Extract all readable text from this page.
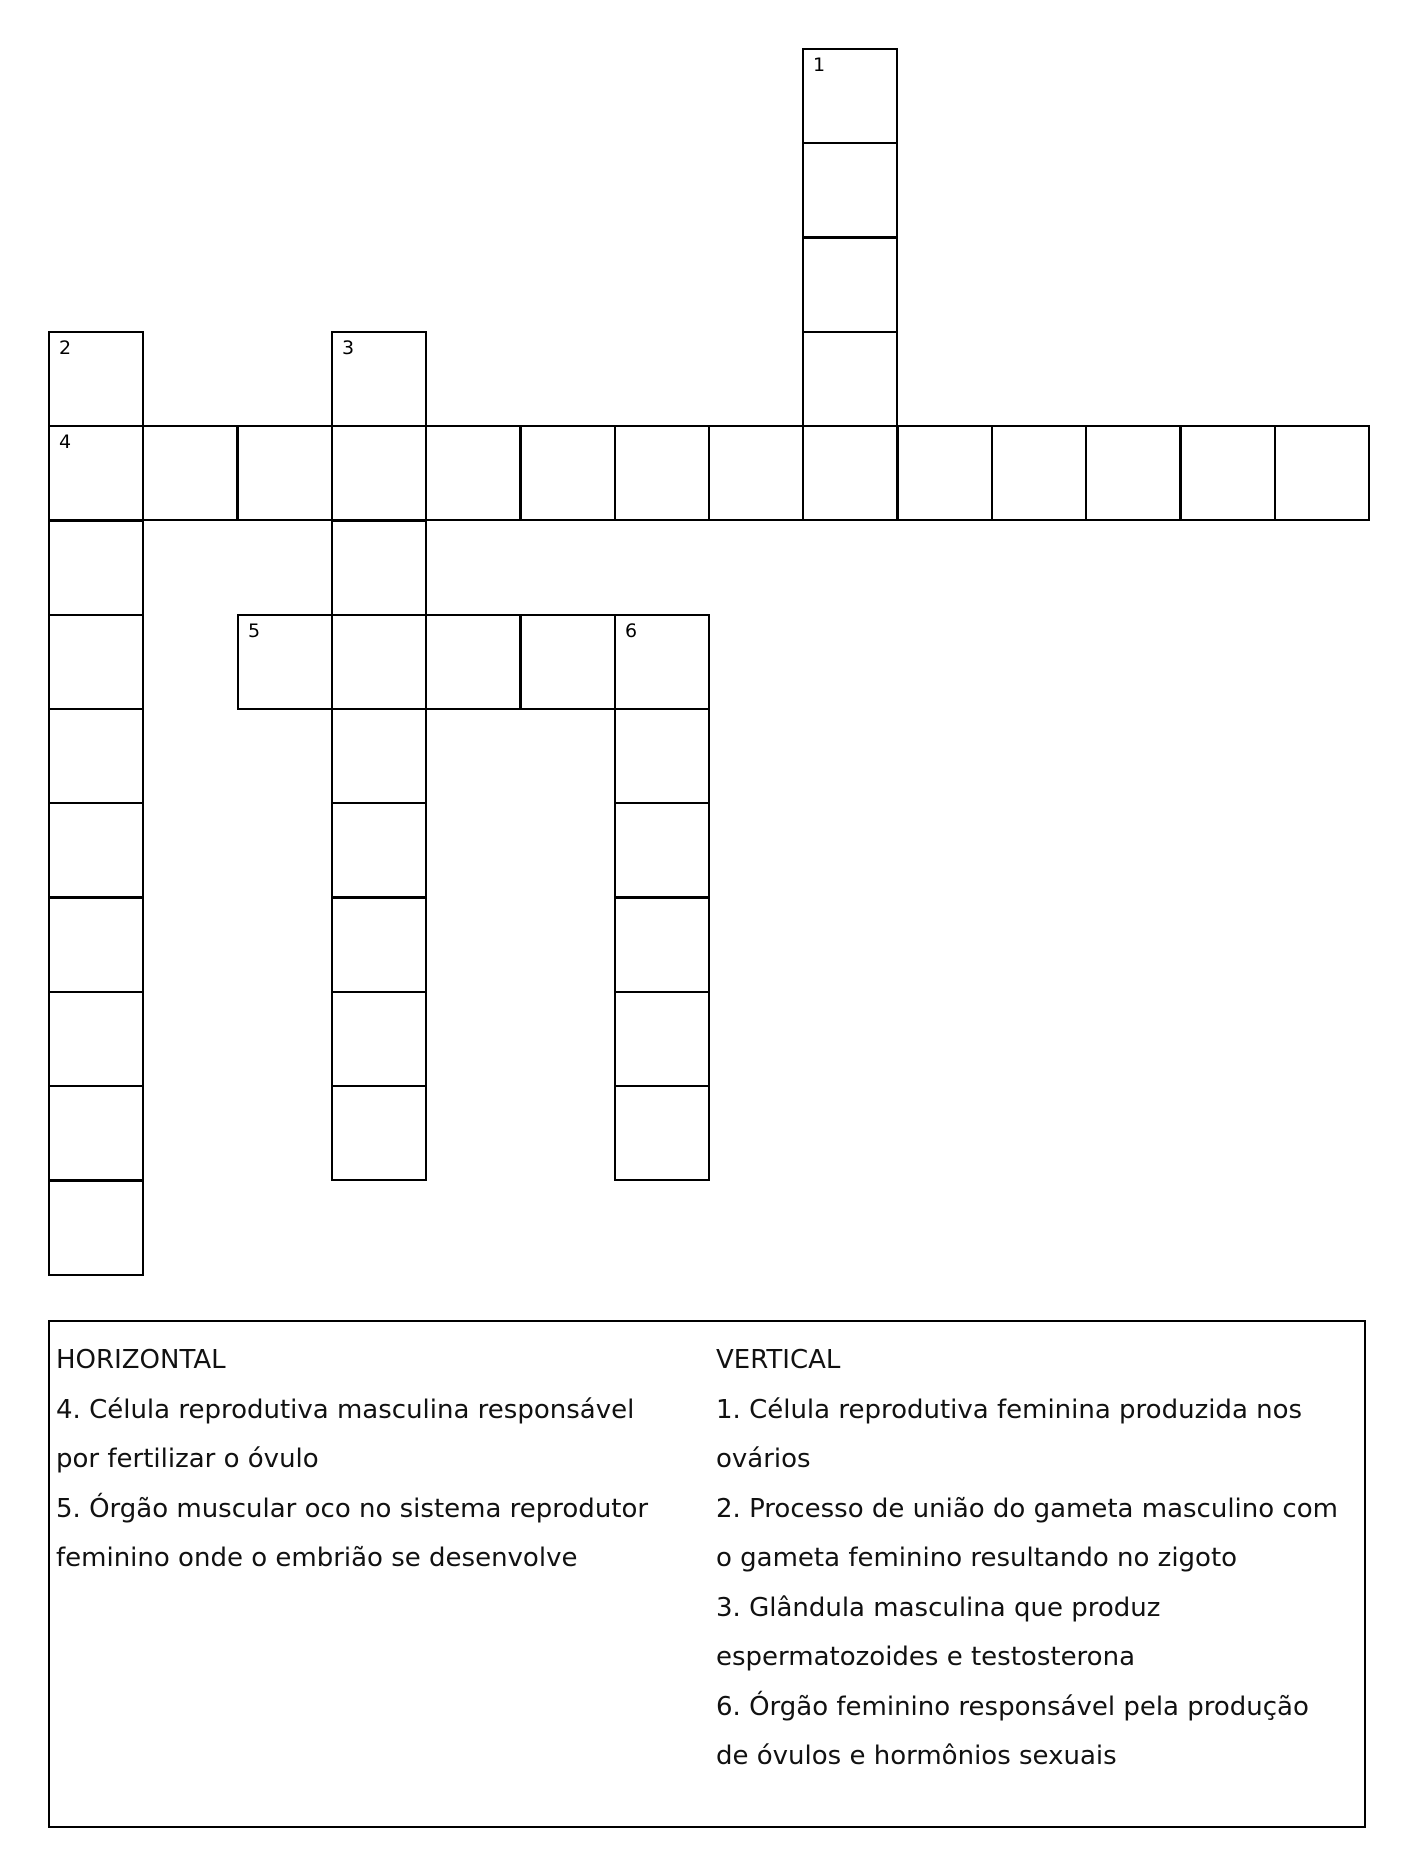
1
2	3
4
5	6

HORIZONTAL

4. Célula reprodutiva masculina responsável

por fertilizar o óvulo

5. Órgão muscular oco no sistema reprodutor

feminino onde o embrião se desenvolve

VERTICAL

1. Célula reprodutiva feminina produzida nos

ovários

2. Processo de união do gameta masculino com

o gameta feminino resultando no zigoto

3. Glândula masculina que produz

espermatozoides e testosterona

6. Órgão feminino responsável pela produção

de óvulos e hormônios sexuais
